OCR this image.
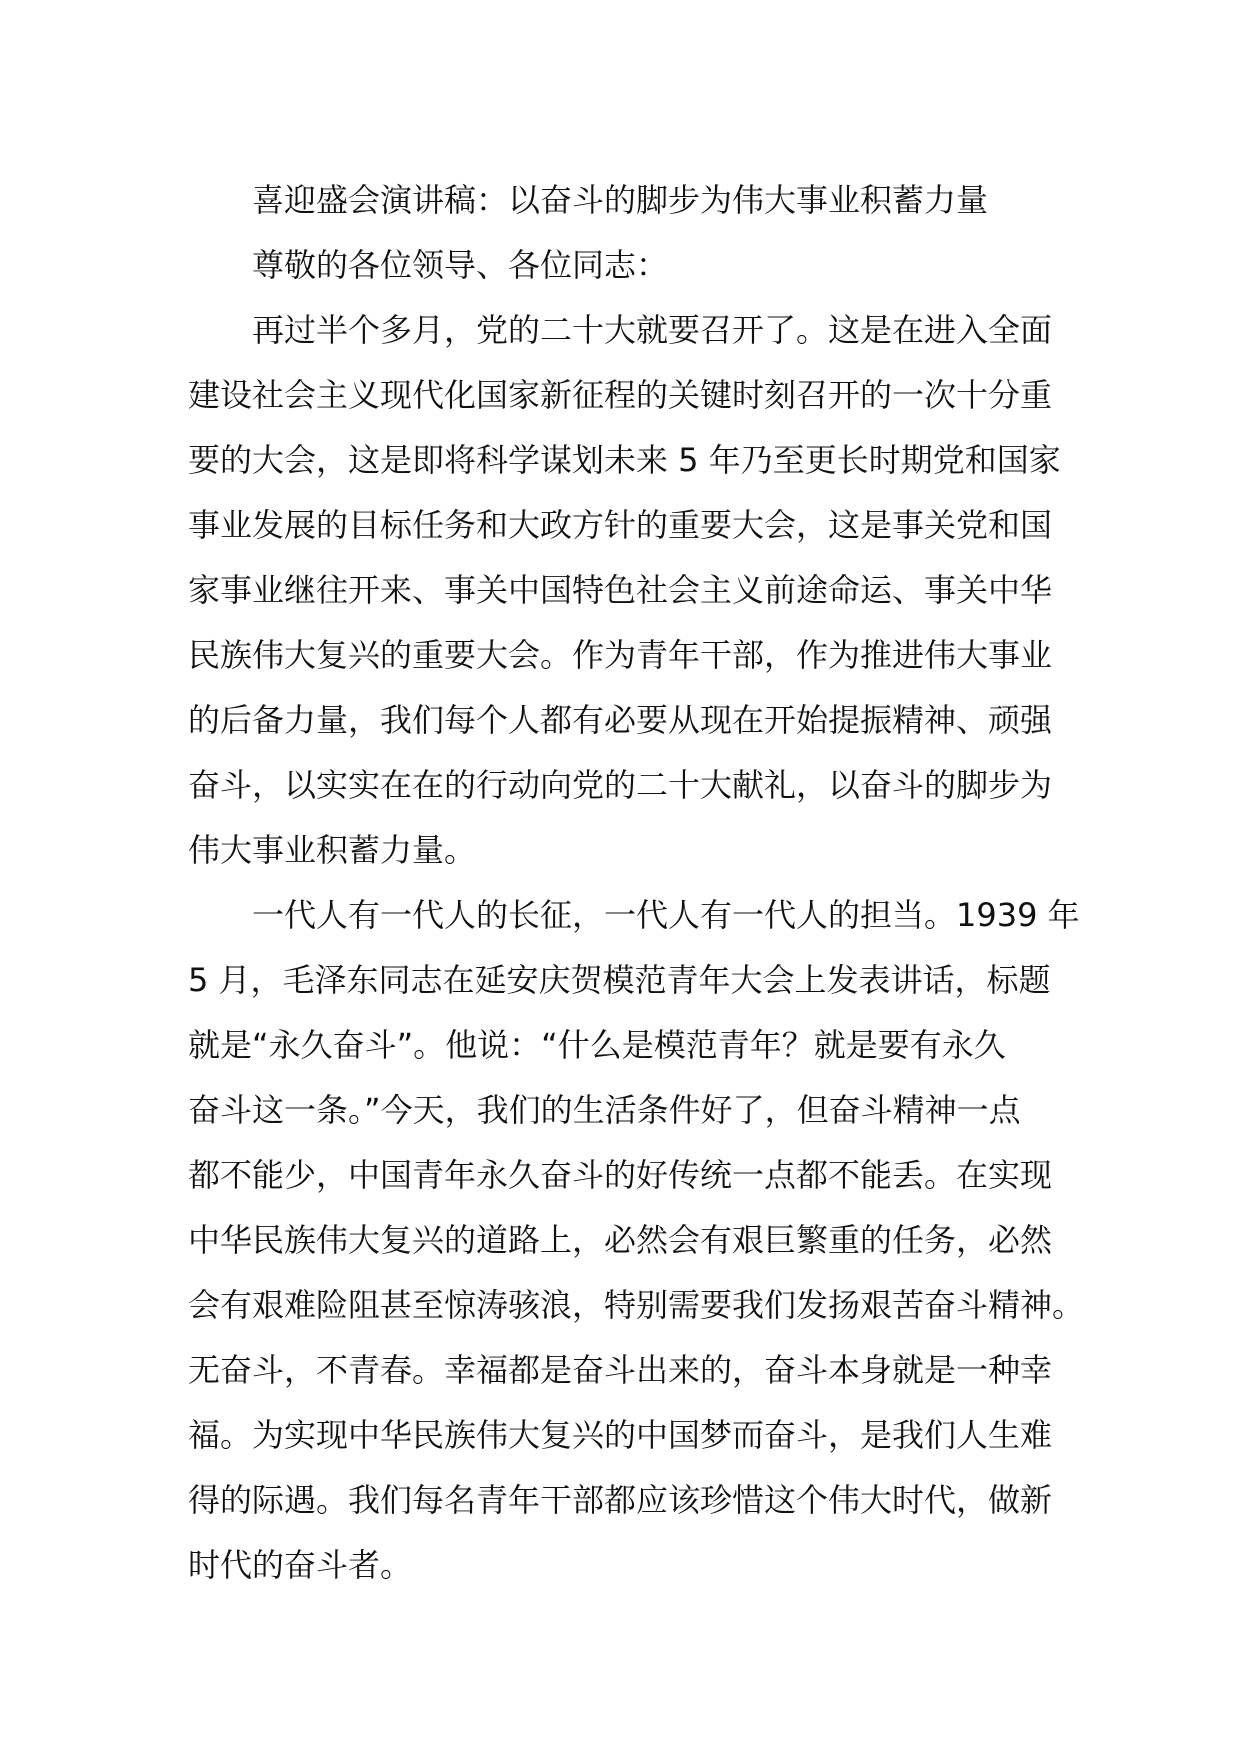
喜迎盛会演讲稿：以奋斗的脚步为伟大事业积蓄力量
尊敬的各位领导、各位同志：
再过半个多月，党的二十大就要召开了。这是在进入全面
建设社会主义现代化国家新征程的关键时刻召开的一次十分重
要的大会，这是即将科学谋划未来 5 年乃至更长时期党和国家
事业发展的目标任务和大政方针的重要大会，这是事关党和国
家事业继往开来、事关中国特色社会主义前途命运、事关中华
民族伟大复兴的重要大会。作为青年干部，作为推进伟大事业
的后备力量，我们每个人都有必要从现在开始提振精神、顽强
奋斗，以实实在在的行动向党的二十大献礼，以奋斗的脚步为
伟大事业积蓄力量。
一代人有一代人的长征，一代人有一代人的担当。1939 年
5 月，毛泽东同志在延安庆贺模范青年大会上发表讲话，标题
就是“永久奋斗”。他说：“什么是模范青年？就是要有永久
奋斗这一条。”今天，我们的生活条件好了，但奋斗精神一点
都不能少，中国青年永久奋斗的好传统一点都不能丢。在实现
中华民族伟大复兴的道路上，必然会有艰巨繁重的任务，必然
会有艰难险阻甚至惊涛骇浪，特别需要我们发扬艰苦奋斗精神。
无奋斗，不青春。幸福都是奋斗出来的，奋斗本身就是一种幸
福。为实现中华民族伟大复兴的中国梦而奋斗，是我们人生难
得的际遇。我们每名青年干部都应该珍惜这个伟大时代，做新
时代的奋斗者。
